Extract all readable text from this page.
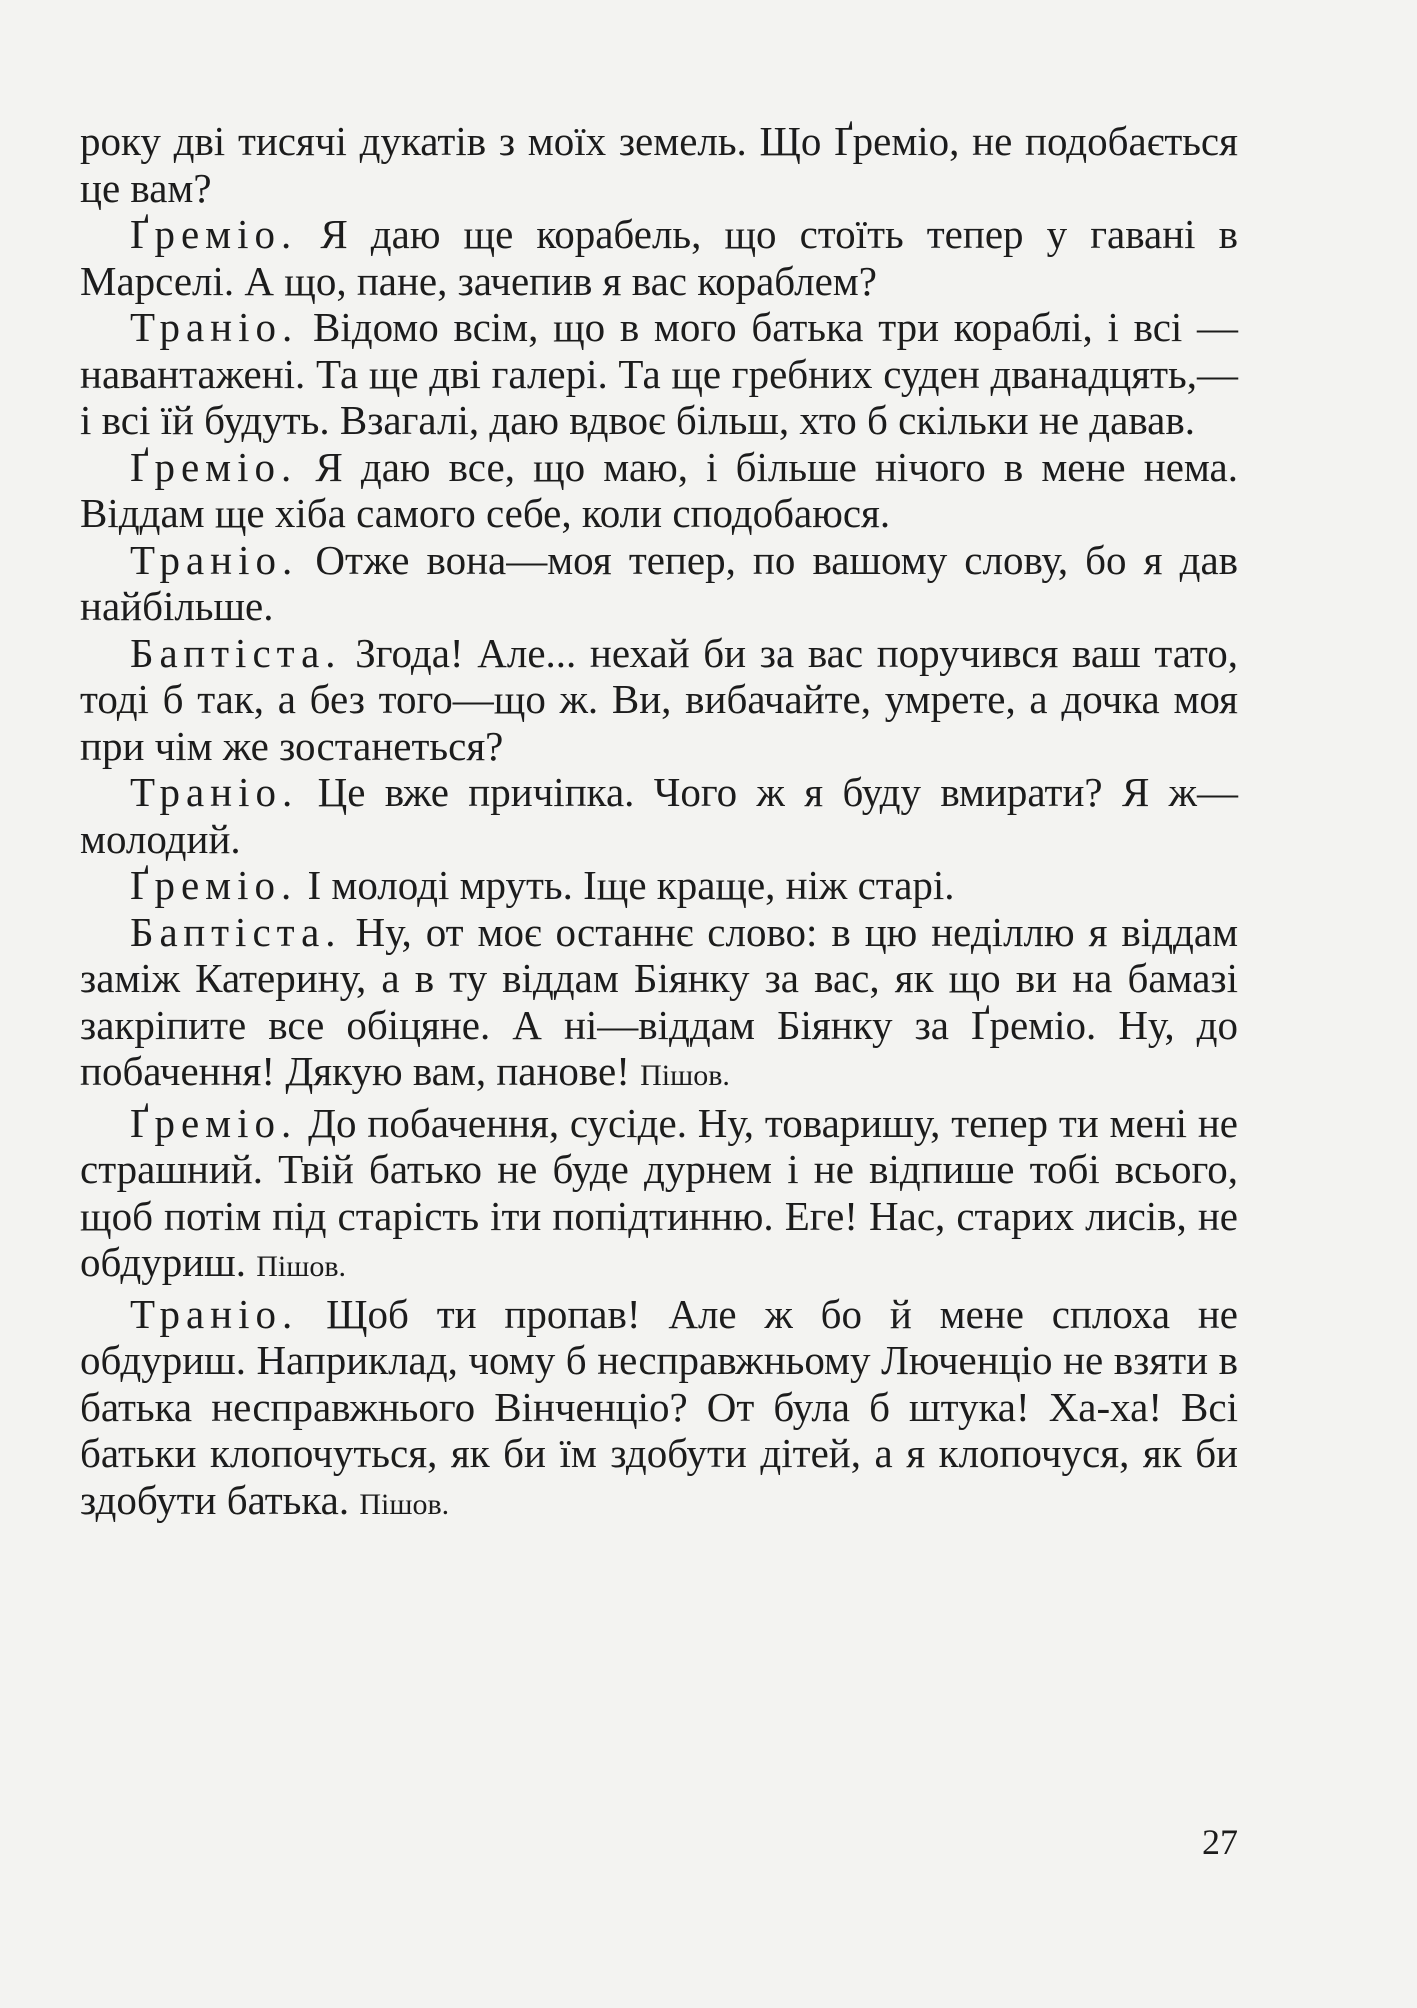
року дві тисячі дукатів з моїх земель. Що Ґреміо, не подобається це вам?

Ґреміо. Я даю ще корабель, що стоїть тепер у гавані в Марселі. А що, пане, зачепив я вас кораблем?

Траніо. Відомо всім, що в мого батька три кораблі, і всі — навантажені. Та ще дві галері. Та ще гребних суден дванадцять,—і всі їй будуть. Взагалі, даю вдвоє більш, хто б скільки не давав.

Ґреміо. Я даю все, що маю, і більше нічого в мене нема. Віддам ще хіба самого себе, коли сподобаюся.

Траніо. Отже вона—моя тепер, по вашому слову, бо я дав найбільше.

Баптіста. Згода! Але... нехай би за вас поручився ваш тато, тоді б так, а без того—що ж. Ви, вибачайте, умрете, а дочка моя при чім же зостанеться?

Траніо. Це вже причіпка. Чого ж я буду вмирати? Я ж—молодий.

Ґреміо. І молоді мруть. Іще краще, ніж старі.

Баптіста. Ну, от моє останнє слово: в цю неділлю я віддам заміж Катерину, а в ту віддам Біянку за вас, як що ви на бамазі закріпите все обіцяне. А ні—віддам Біянку за Ґреміо. Ну, до побачення! Дякую вам, панове! Пішов.

Ґреміо. До побачення, сусіде. Ну, товаришу, тепер ти мені не страшний. Твій батько не буде дурнем і не відпише тобі всього, щоб потім під старість іти попідтинню. Еге! Нас, старих лисів, не обдуриш. Пішов.

Траніо. Щоб ти пропав! Але ж бо й мене сплоха не обдуриш. Наприклад, чому б несправжньому Люченціо не взяти в батька несправжнього Вінченціо? От була б штука! Ха-ха! Всі батьки клопочуться, як би їм здобути дітей, а я клопочуся, як би здобути батька. Пішов.

27
